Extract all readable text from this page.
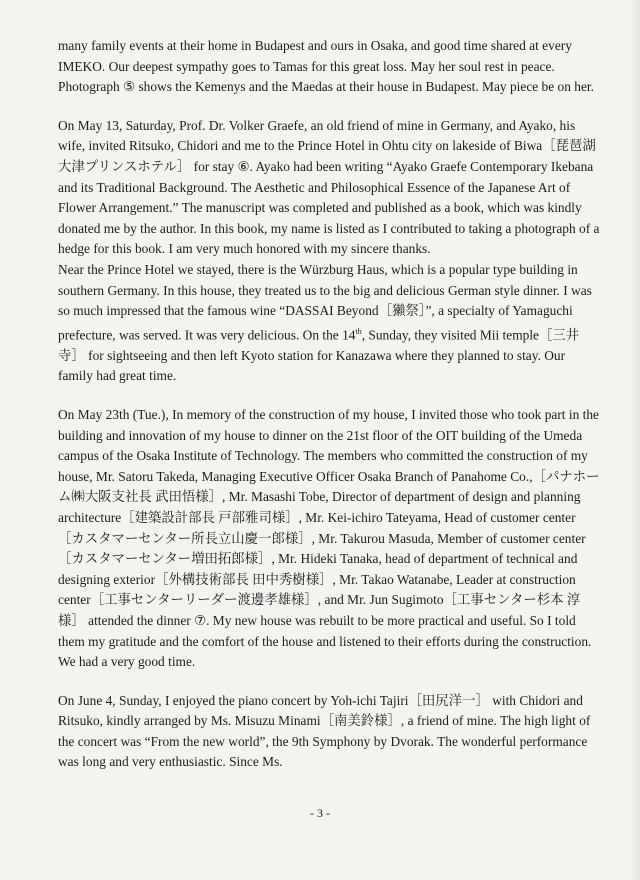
many family events at their home in Budapest and ours in Osaka, and good time shared at every IMEKO. Our deepest sympathy goes to Tamas for this great loss. May her soul rest in peace. Photograph ⑤ shows the Kemenys and the Maedas at their house in Budapest. May piece be on her.

On May 13, Saturday, Prof. Dr. Volker Graefe, an old friend of mine in Germany, and Ayako, his wife, invited Ritsuko, Chidori and me to the Prince Hotel in Ohtu city on lakeside of Biwa［琵琶湖大津プリンスホテル］ for stay ⑥. Ayako had been writing “Ayako Graefe Contemporary Ikebana and its Traditional Background. The Aesthetic and Philosophical Essence of the Japanese Art of Flower Arrangement.” The manuscript was completed and published as a book, which was kindly donated me by the author. In this book, my name is listed as I contributed to taking a photograph of a hedge for this book. I am very much honored with my sincere thanks.

Near the Prince Hotel we stayed, there is the Würzburg Haus, which is a popular type building in southern Germany. In this house, they treated us to the big and delicious German style dinner. I was so much impressed that the famous wine “DASSAI Beyond［獺祭］”, a specialty of Yamaguchi prefecture, was served. It was very delicious. On the 14th, Sunday, they visited Mii temple［三井寺］ for sightseeing and then left Kyoto station for Kanazawa where they planned to stay. Our family had great time.

On May 23th (Tue.), In memory of the construction of my house, I invited those who took part in the building and innovation of my house to dinner on the 21st floor of the OIT building of the Umeda campus of the Osaka Institute of Technology. The members who committed the construction of my house, Mr. Satoru Takeda, Managing Executive Officer Osaka Branch of Panahome Co.,［パナホーム㈱大阪支社長 武田悟様］, Mr. Masashi Tobe, Director of department of design and planning architecture［建築設計部長 戸部雅司様］, Mr. Kei-ichiro Tateyama, Head of customer center［カスタマーセンター所長立山慶一郎様］, Mr. Takurou Masuda, Member of customer center［カスタマーセンター増田拓郎様］, Mr. Hideki Tanaka, head of department of technical and designing exterior［外構技術部長 田中秀樹様］, Mr. Takao Watanabe, Leader at construction center［工事センターリーダー渡邊孝雄様］, and Mr. Jun Sugimoto［工事センター杉本 淳 様］ attended the dinner ⑦. My new house was rebuilt to be more practical and useful. So I told them my gratitude and the comfort of the house and listened to their efforts during the construction. We had a very good time.

On June 4, Sunday, I enjoyed the piano concert by Yoh-ichi Tajiri［田尻洋一］ with Chidori and Ritsuko, kindly arranged by Ms. Misuzu Minami［南美鈴様］, a friend of mine. The high light of the concert was “From the new world”, the 9th Symphony by Dvorak. The wonderful performance was long and very enthusiastic. Since Ms.

- 3 -
